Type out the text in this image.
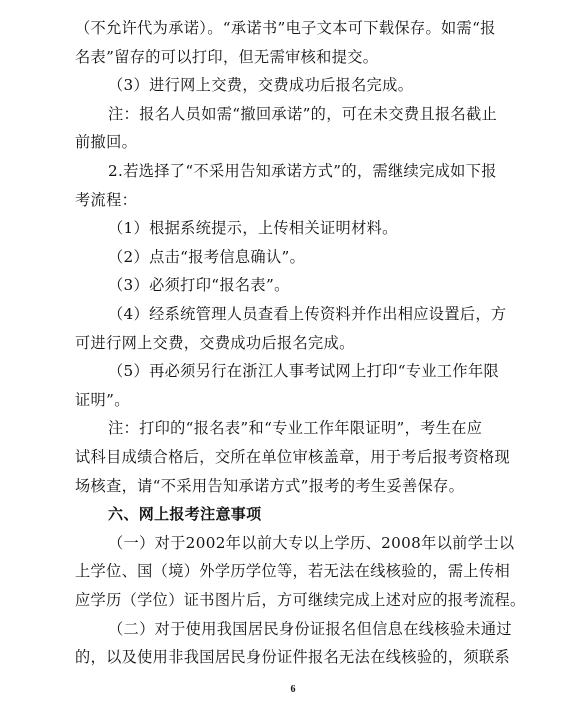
（不允许代为承诺）。“承诺书”电子文本可下载保存。如需“报
名表”留存的可以打印，但无需审核和提交。
（3）进行网上交费，交费成功后报名完成。
注：报名人员如需“撤回承诺”的，可在未交费且报名截止
前撤回。
2.若选择了“不采用告知承诺方式”的，需继续完成如下报
考流程：
（1）根据系统提示，上传相关证明材料。
（2）点击“报考信息确认”。
（3）必须打印“报名表”。
（4）经系统管理人员查看上传资料并作出相应设置后，方
可进行网上交费，交费成功后报名完成。
（5）再必须另行在浙江人事考试网上打印“专业工作年限
证明”。
注：打印的“报名表”和“专业工作年限证明”，考生在应
试科目成绩合格后，交所在单位审核盖章，用于考后报考资格现
场核查，请“不采用告知承诺方式”报考的考生妥善保存。
六、网上报考注意事项
（一）对于2002年以前大专以上学历、2008年以前学士以
上学位、国（境）外学历学位等，若无法在线核验的，需上传相
应学历（学位）证书图片后，方可继续完成上述对应的报考流程。
（二）对于使用我国居民身份证报名但信息在线核验未通过
的，以及使用非我国居民身份证件报名无法在线核验的，须联系
6
